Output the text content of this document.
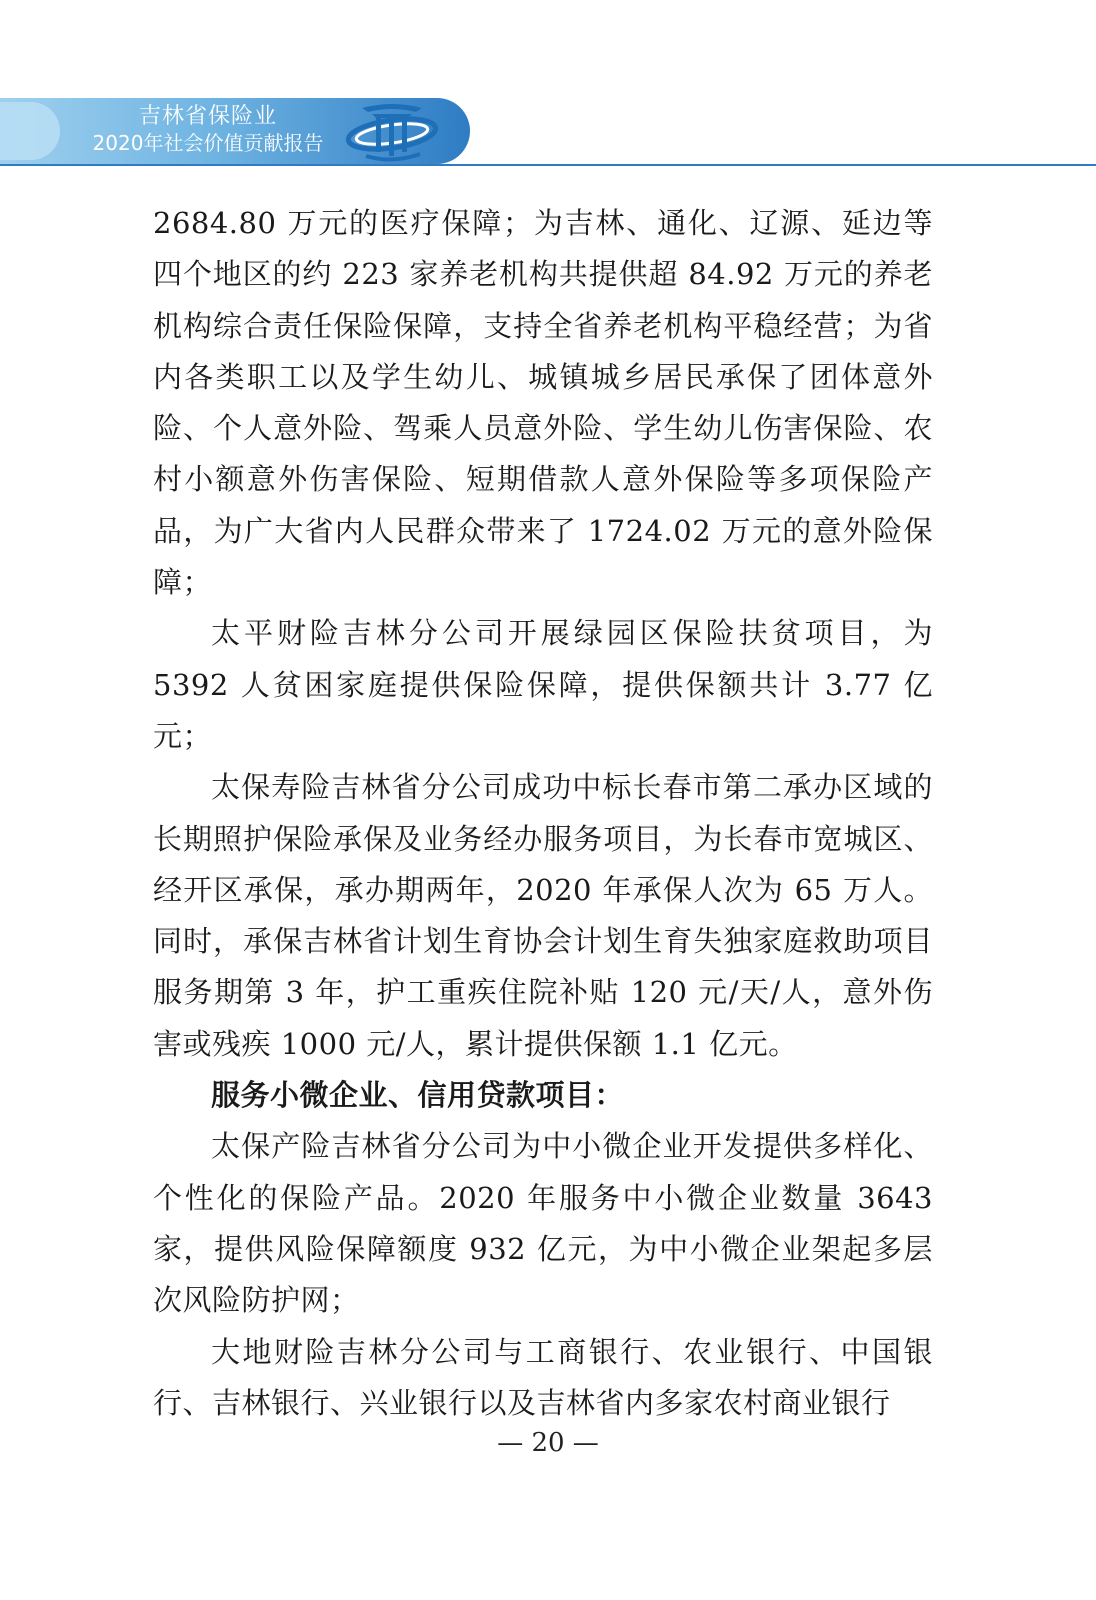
吉林省保险业
2020年社会价值贡献报告

2684.80 万元的医疗保障；为吉林、通化、辽源、延边等四个地区的约 223 家养老机构共提供超 84.92 万元的养老机构综合责任保险保障，支持全省养老机构平稳经营；为省内各类职工以及学生幼儿、城镇城乡居民承保了团体意外险、个人意外险、驾乘人员意外险、学生幼儿伤害保险、农村小额意外伤害保险、短期借款人意外保险等多项保险产品，为广大省内人民群众带来了 1724.02 万元的意外险保障；

太平财险吉林分公司开展绿园区保险扶贫项目，为 5392 人贫困家庭提供保险保障，提供保额共计 3.77 亿元；

太保寿险吉林省分公司成功中标长春市第二承办区域的长期照护保险承保及业务经办服务项目，为长春市宽城区、经开区承保，承办期两年，2020 年承保人次为 65 万人。同时，承保吉林省计划生育协会计划生育失独家庭救助项目服务期第 3 年，护工重疾住院补贴 120 元/天/人，意外伤害或残疾 1000 元/人，累计提供保额 1.1 亿元。

服务小微企业、信用贷款项目：

太保产险吉林省分公司为中小微企业开发提供多样化、个性化的保险产品。2020 年服务中小微企业数量 3643 家，提供风险保障额度 932 亿元，为中小微企业架起多层次风险防护网；

大地财险吉林分公司与工商银行、农业银行、中国银行、吉林银行、兴业银行以及吉林省内多家农村商业银行

— 20 —
